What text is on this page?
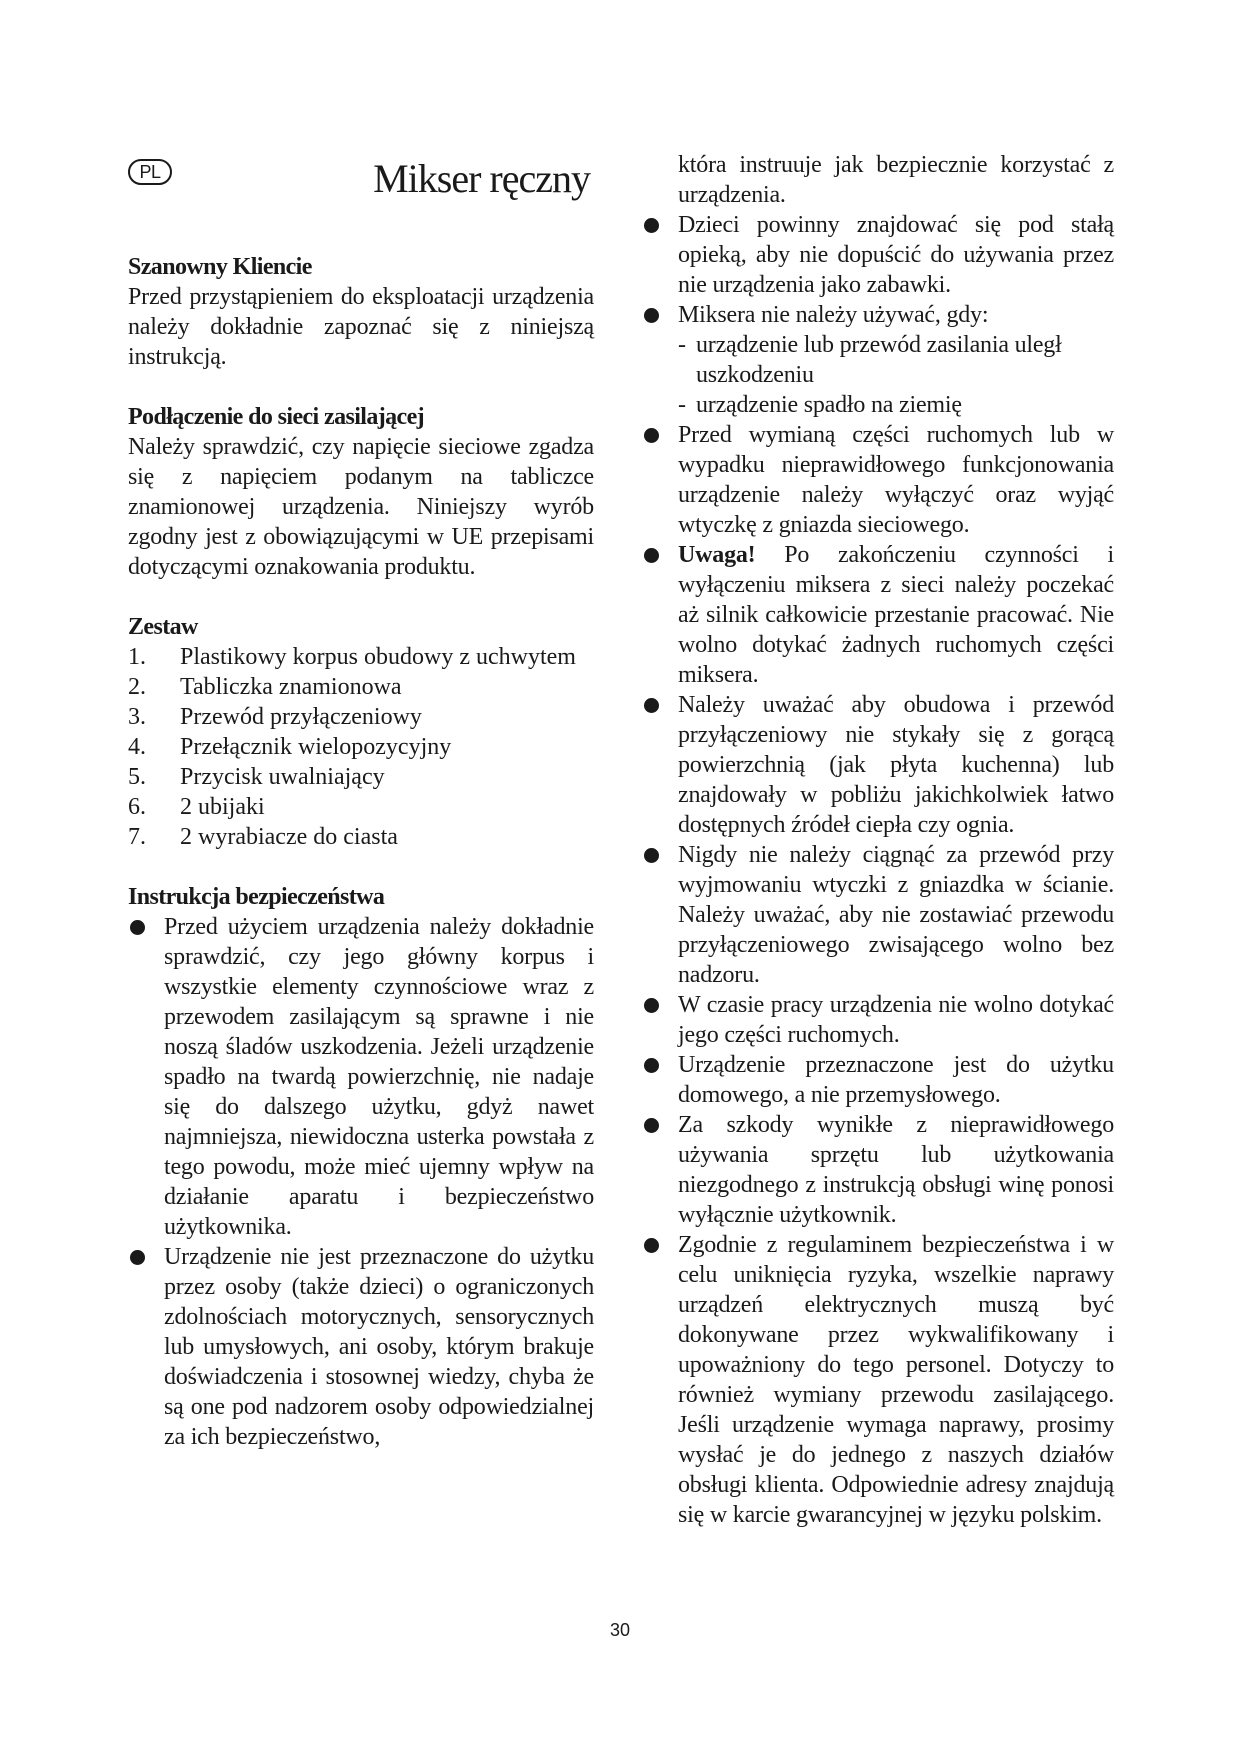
PL	Mikser ręczny
Szanowny Kliencie
Przed przystąpieniem do eksploatacji urządzenia należy dokładnie zapoznać się z niniejszą instrukcją.
Podłączenie do sieci zasilającej
Należy sprawdzić, czy napięcie sieciowe zgadza się z napięciem podanym na tabliczce znamionowej urządzenia. Niniejszy wyrób zgodny jest z obowiązującymi w UE przepisami dotyczącymi oznakowania produktu.
Zestaw
1. Plastikowy korpus obudowy z uchwytem
2. Tabliczka znamionowa
3. Przewód przyłączeniowy
4. Przełącznik wielopozycyjny
5. Przycisk uwalniający
6. 2 ubijaki
7. 2 wyrabiacze do ciasta
Instrukcja bezpieczeństwa
Przed użyciem urządzenia należy dokładnie sprawdzić, czy jego główny korpus i wszystkie elementy czynnościowe wraz z przewodem zasilającym są sprawne i nie noszą śladów uszkodzenia. Jeżeli urządzenie spadło na twardą powierzchnię, nie nadaje się do dalszego użytku, gdyż nawet najmniejsza, niewidoczna usterka powstała z tego powodu, może mieć ujemny wpływ na działanie aparatu i bezpieczeństwo użytkownika.
Urządzenie nie jest przeznaczone do użytku przez osoby (także dzieci) o ograniczonych zdolnościach motorycznych, sensorycznych lub umysłowych, ani osoby, którym brakuje doświadczenia i stosownej wiedzy, chyba że są one pod nadzorem osoby odpowiedzialnej za ich bezpieczeństwo,
która instruuje jak bezpiecznie korzystać z urządzenia.
Dzieci powinny znajdować się pod stałą opieką, aby nie dopuścić do używania przez nie urządzenia jako zabawki.
Miksera nie należy używać, gdy:
- urządzenie lub przewód zasilania uległ
uszkodzeniu
- urządzenie spadło na ziemię
Przed wymianą części ruchomych lub w wypadku nieprawidłowego funkcjonowania urządzenie należy wyłączyć oraz wyjąć wtyczkę z gniazda sieciowego.
Uwaga! Po zakończeniu czynności i wyłączeniu miksera z sieci należy poczekać aż silnik całkowicie przestanie pracować. Nie wolno dotykać żadnych ruchomych części miksera.
Należy uważać aby obudowa i przewód przyłączeniowy nie stykały się z gorącą powierzchnią (jak płyta kuchenna) lub znajdowały w pobliżu jakichkolwiek łatwo dostępnych źródeł ciepła czy ognia.
Nigdy nie należy ciągnąć za przewód przy wyjmowaniu wtyczki z gniazdka w ścianie. Należy uważać, aby nie zostawiać przewodu przyłączeniowego zwisającego wolno bez nadzoru.
W czasie pracy urządzenia nie wolno dotykać jego części ruchomych.
Urządzenie przeznaczone jest do użytku domowego, a nie przemysłowego.
Za szkody wynikłe z nieprawidłowego używania sprzętu lub użytkowania niezgodnego z instrukcją obsługi winę ponosi wyłącznie użytkownik.
Zgodnie z regulaminem bezpieczeństwa i w celu uniknięcia ryzyka, wszelkie naprawy urządzeń elektrycznych muszą być dokonywane przez wykwalifikowany i upoważniony do tego personel. Dotyczy to również wymiany przewodu zasilającego. Jeśli urządzenie wymaga naprawy, prosimy wysłać je do jednego z naszych działów obsługi klienta. Odpowiednie adresy znajdują się w karcie gwarancyjnej w języku polskim.
30
